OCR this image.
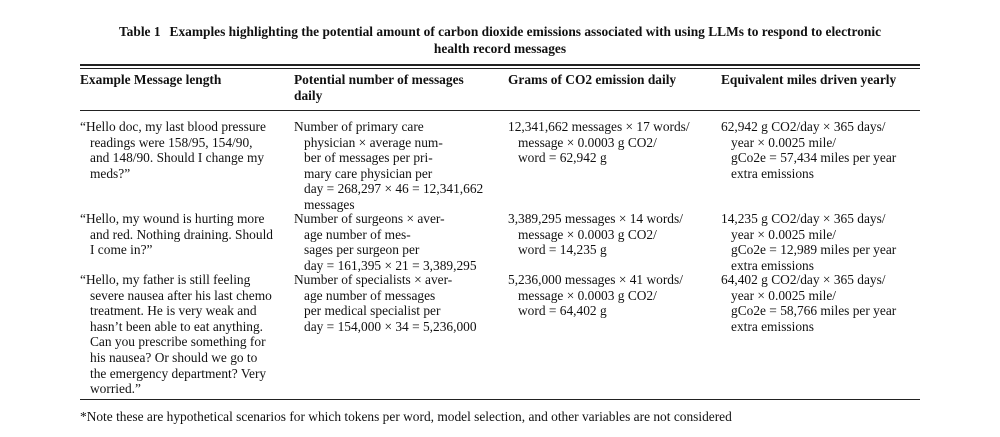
Table 1 Examples highlighting the potential amount of carbon dioxide emissions associated with using LLMs to respond to electronic
health record messages
Example Message length	Potential number of messages
daily
Grams of CO2 emission daily	Equivalent miles driven yearly
“Hello doc, my last blood pressure
readings were 158/95, 154/90,
and 148/90. Should I change my
meds?”
Number of primary care
physician × average num-
ber of messages per pri-
mary care physician per
day = 268,297 × 46 = 12,341,662
messages
12,341,662 messages × 17 words/
message × 0.0003 g CO2/
word = 62,942 g
62,942 g CO2/day × 365 days/
year × 0.0025 mile/
gCo2e = 57,434 miles per year
extra emissions
“Hello, my wound is hurting more
and red. Nothing draining. Should
I come in?”
Number of surgeons × aver-
age number of mes-
sages per surgeon per
day = 161,395 × 21 = 3,389,295
3,389,295 messages × 14 words/
message × 0.0003 g CO2/
word = 14,235 g
14,235 g CO2/day × 365 days/
year × 0.0025 mile/
gCo2e = 12,989 miles per year
extra emissions
“Hello, my father is still feeling
severe nausea after his last chemo
treatment. He is very weak and
hasn’t been able to eat anything.
Can you prescribe something for
his nausea? Or should we go to
the emergency department? Very
worried.”
Number of specialists × aver-
age number of messages
per medical specialist per
day = 154,000 × 34 = 5,236,000
5,236,000 messages × 41 words/
message × 0.0003 g CO2/
word = 64,402 g
64,402 g CO2/day × 365 days/
year × 0.0025 mile/
gCo2e = 58,766 miles per year
extra emissions
*Note these are hypothetical scenarios for which tokens per word, model selection, and other variables are not considered
